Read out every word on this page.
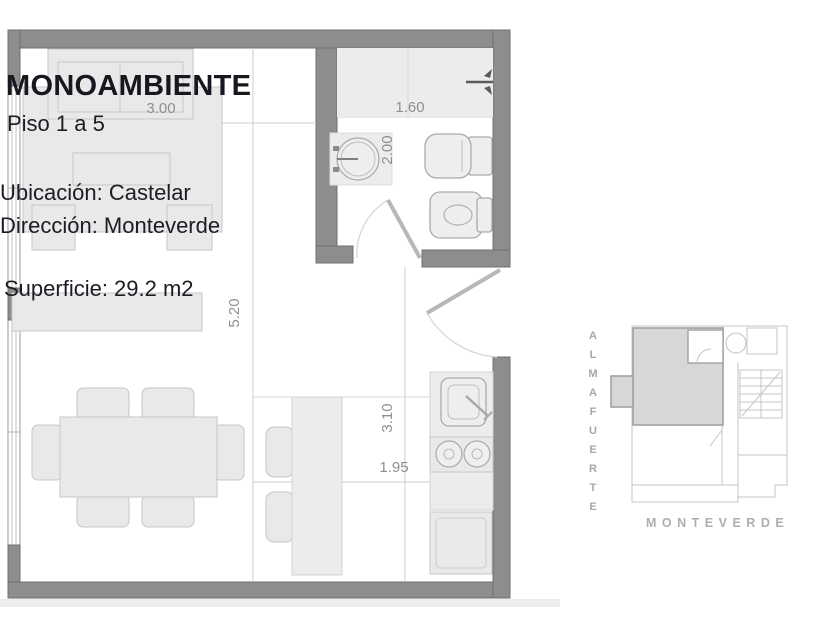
3.00	1.60
2.00
5.20
3.10
1.95
MONOAMBIENTE
Piso 1 a 5
Ubicación: Castelar
Dirección: Monteverde
Superficie: 29.2 m2
ALMAFUERTE
MONTEVERDE
